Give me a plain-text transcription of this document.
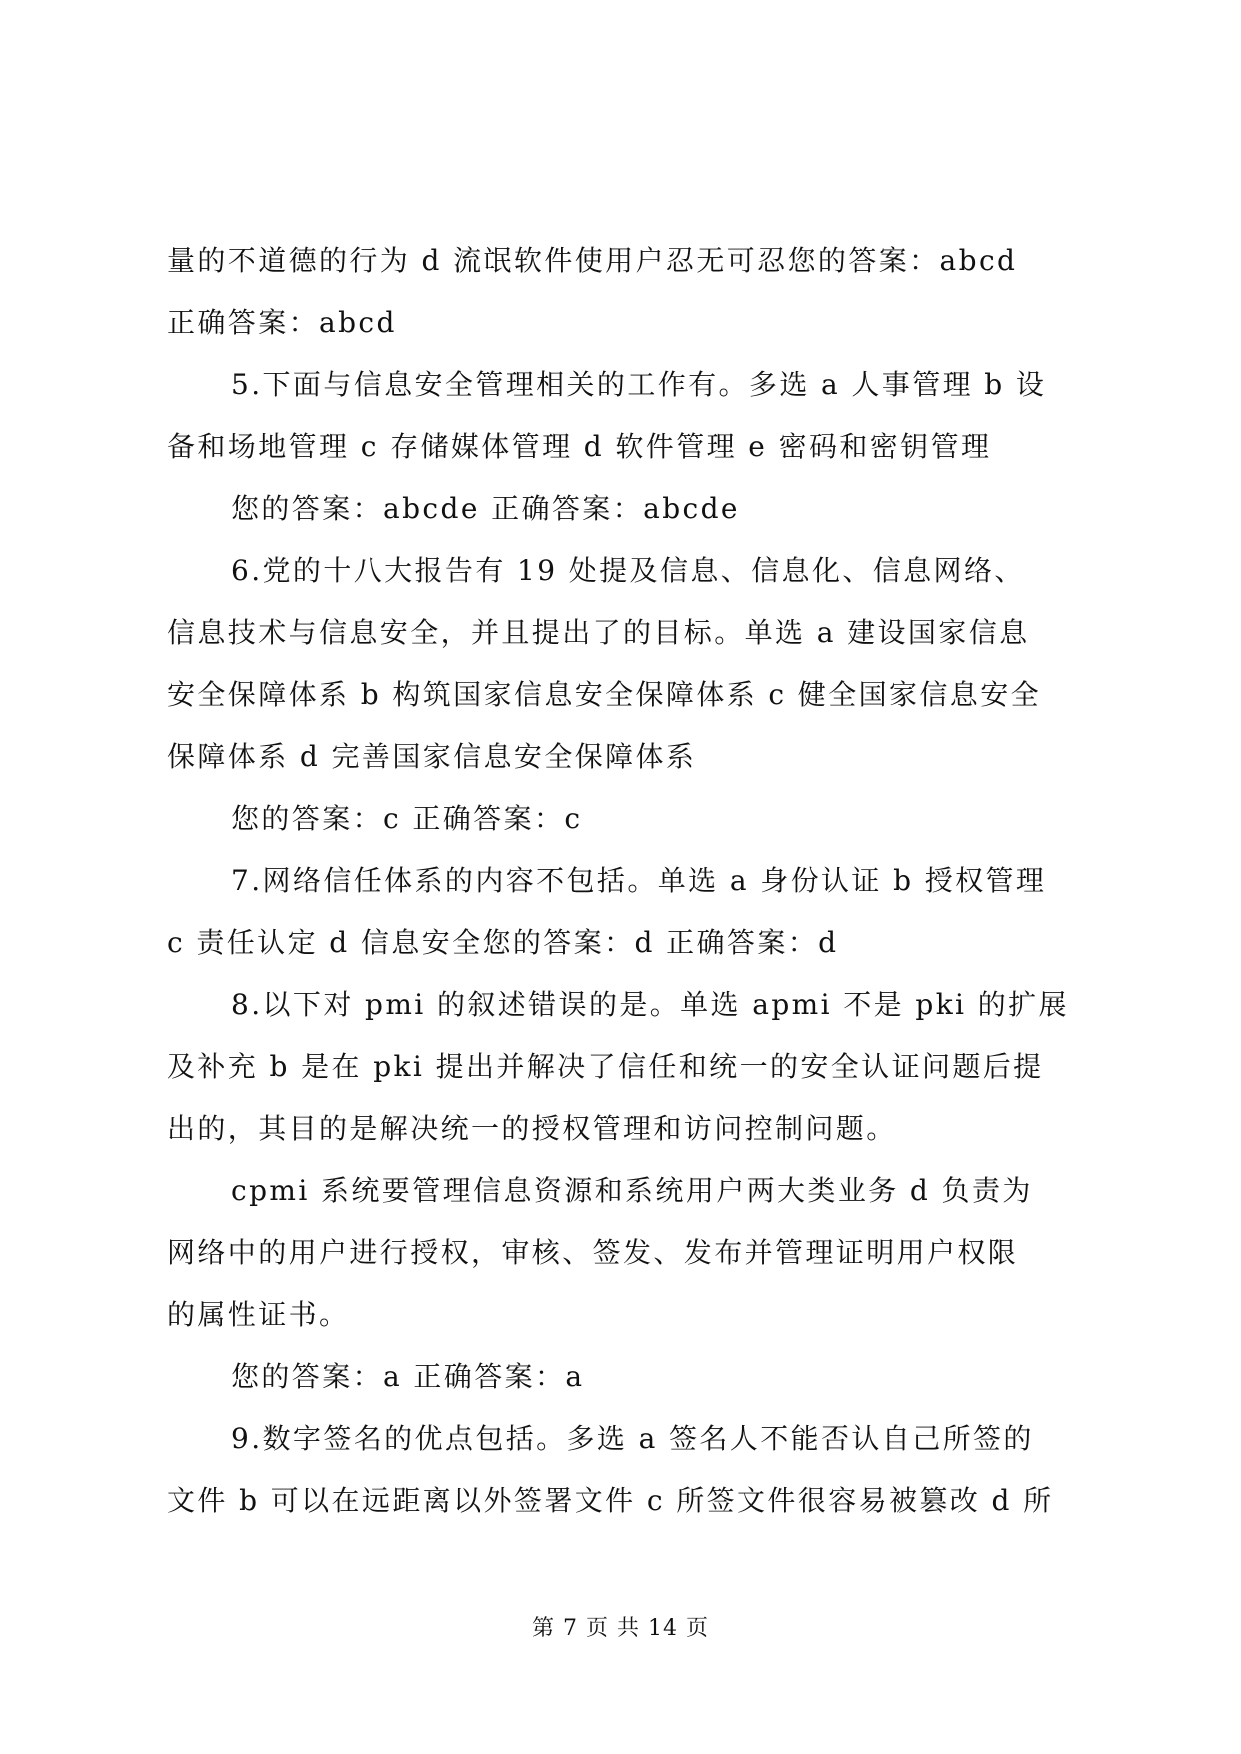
量的不道德的行为 d 流氓软件使用户忍无可忍您的答案：abcd
正确答案：abcd
5.下面与信息安全管理相关的工作有。多选 a 人事管理 b 设
备和场地管理 c 存储媒体管理 d 软件管理 e 密码和密钥管理
您的答案：abcde 正确答案：abcde
6.党的十八大报告有 19 处提及信息、信息化、信息网络、
信息技术与信息安全，并且提出了的目标。单选 a 建设国家信息
安全保障体系 b 构筑国家信息安全保障体系 c 健全国家信息安全
保障体系 d 完善国家信息安全保障体系
您的答案：c 正确答案：c
7.网络信任体系的内容不包括。单选 a 身份认证 b 授权管理
c 责任认定 d 信息安全您的答案：d 正确答案：d
8.以下对 pmi 的叙述错误的是。单选 apmi 不是 pki 的扩展
及补充 b 是在 pki 提出并解决了信任和统一的安全认证问题后提
出的，其目的是解决统一的授权管理和访问控制问题。
cpmi 系统要管理信息资源和系统用户两大类业务 d 负责为
网络中的用户进行授权，审核、签发、发布并管理证明用户权限
的属性证书。
您的答案：a 正确答案：a
9.数字签名的优点包括。多选 a 签名人不能否认自己所签的
文件 b 可以在远距离以外签署文件 c 所签文件很容易被篡改 d 所
第 7 页 共 14 页
